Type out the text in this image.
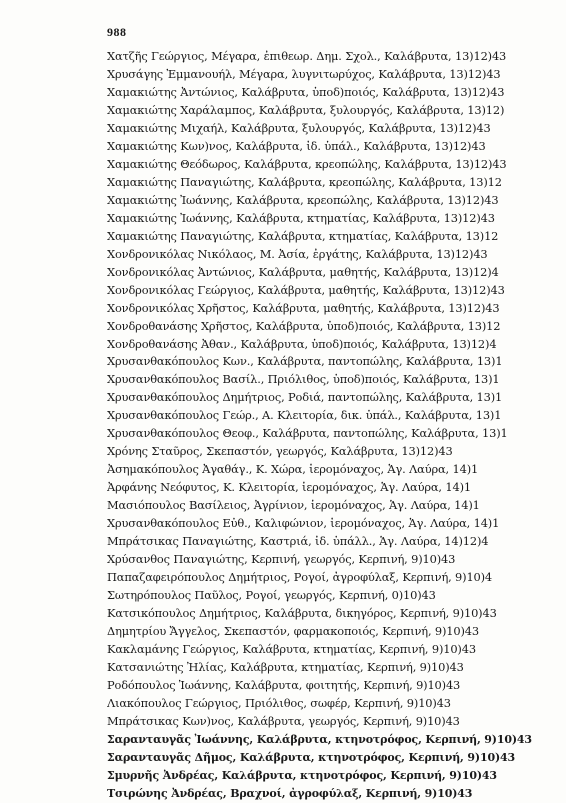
988
Χατζῆς Γεώργιος, Μέγαρα, ἐπιθεωρ. Δημ. Σχολ., Καλάβρυτα, 13)12)43
Χρυσάγης Ἐμμανουήλ, Μέγαρα, λυγνιτωρύχος, Καλάβρυτα, 13)12)43
Χαμακιώτης Ἀντώνιος, Καλάβρυτα, ὑποδ)ποιός, Καλάβρυτα, 13)12)43
Χαμακιώτης Χαράλαμπος, Καλάβρυτα, ξυλουργός, Καλάβρυτα, 13)12)
Χαμακιώτης Μιχαήλ, Καλάβρυτα, ξυλουργός, Καλάβρυτα, 13)12)43
Χαμακιώτης Κων)νος, Καλάβρυτα, ἰδ. ὑπάλ., Καλάβρυτα, 13)12)43
Χαμακιώτης Θεόδωρος, Καλάβρυτα, κρεοπώλης, Καλάβρυτα, 13)12)43
Χαμακιώτης Παναγιώτης, Καλάβρυτα, κρεοπώλης, Καλάβρυτα, 13)12
Χαμακιώτης Ἰωάννης, Καλάβρυτα, κρεοπώλης, Καλάβρυτα, 13)12)43
Χαμακιώτης Ἰωάννης, Καλάβρυτα, κτηματίας, Καλάβρυτα, 13)12)43
Χαμακιώτης Παναγιώτης, Καλάβρυτα, κτηματίας, Καλάβρυτα, 13)12
Χονδρονικόλας Νικόλαος, Μ. Ἀσία, ἐργάτης, Καλάβρυτα, 13)12)43
Χονδρονικόλας Ἀντώνιος, Καλάβρυτα, μαθητής, Καλάβρυτα, 13)12)4
Χονδρονικόλας Γεώργιος, Καλάβρυτα, μαθητής, Καλάβρυτα, 13)12)43
Χονδρονικόλας Χρῆστος, Καλάβρυτα, μαθητής, Καλάβρυτα, 13)12)43
Χονδροθανάσης Χρῆστος, Καλάβρυτα, ὑποδ)ποιός, Καλάβρυτα, 13)12
Χονδροθανάσης Ἀθαν., Καλάβρυτα, ὑποδ)ποιός, Καλάβρυτα, 13)12)4
Χρυσανθακόπουλος Κων., Καλάβρυτα, παντοπώλης, Καλάβρυτα, 13)1
Χρυσανθακόπουλος Βασίλ., Πριόλιθος, ὑποδ)ποιός, Καλάβρυτα, 13)1
Χρυσανθακόπουλος Δημήτριος, Ροδιά, παντοπώλης, Καλάβρυτα, 13)1
Χρυσανθακόπουλος Γεώρ., Α. Κλειτορία, δικ. ὑπάλ., Καλάβρυτα, 13)1
Χρυσανθακόπουλος Θεοφ., Καλάβρυτα, παντοπώλης, Καλάβρυτα, 13)1
Χρόνης Σταῦρος, Σκεπαστόν, γεωργός, Καλάβρυτα, 13)12)43
Ἀσημακόπουλος Ἀγαθάγ., Κ. Χώρα, ἱερομόναχος, Ἁγ. Λαύρα, 14)1
Ἀρφάνης Νεόφυτος, Κ. Κλειτορία, ἱερομόναχος, Ἁγ. Λαύρα, 14)1
Μασιόπουλος Βασίλειος, Ἀγρίνιον, ἱερομόναχος, Ἁγ. Λαύρα, 14)1
Χρυσανθακόπουλος Εὐθ., Καλιφώνιον, ἱερομόναχος, Ἁγ. Λαύρα, 14)1
Μπράτσικας Παναγιώτης, Καστριά, ἰδ. ὑπάλλ., Ἁγ. Λαύρα, 14)12)4
Χρύσανθος Παναγιώτης, Κερπινή, γεωργός, Κερπινή, 9)10)43
Παπαζαφειρόπουλος Δημήτριος, Ρογοί, ἀγροφύλαξ, Κερπινή, 9)10)4
Σωτηρόπουλος Παῦλος, Ρογοί, γεωργός, Κερπινή, 0)10)43
Κατσικόπουλος Δημήτριος, Καλάβρυτα, δικηγόρος, Κερπινή, 9)10)43
Δημητρίου Ἄγγελος, Σκεπαστόν, φαρμακοποιός, Κερπινή, 9)10)43
Κακλαμάνης Γεώργιος, Καλάβρυτα, κτηματίας, Κερπινή, 9)10)43
Κατσανιώτης Ἠλίας, Καλάβρυτα, κτηματίας, Κερπινή, 9)10)43
Ροδόπουλος Ἰωάννης, Καλάβρυτα, φοιτητής, Κερπινή, 9)10)43
Λιακόπουλος Γεώργιος, Πριόλιθος, σωφέρ, Κερπινή, 9)10)43
Μπράτσικας Κων)νος, Καλάβρυτα, γεωργός, Κερπινή, 9)10)43
Σαρανταυγᾶς Ἰωάννης, Καλάβρυτα, κτηνοτρόφος, Κερπινή, 9)10)43
Σαρανταυγᾶς Δῆμος, Καλάβρυτα, κτηνοτρόφος, Κερπινή, 9)10)43
Σμυρνῆς Ἀνδρέας, Καλάβρυτα, κτηνοτρόφος, Κερπινή, 9)10)43
Τσιρώνης Ἀνδρέας, Βραχνοί, ἀγροφύλαξ, Κερπινή, 9)10)43
